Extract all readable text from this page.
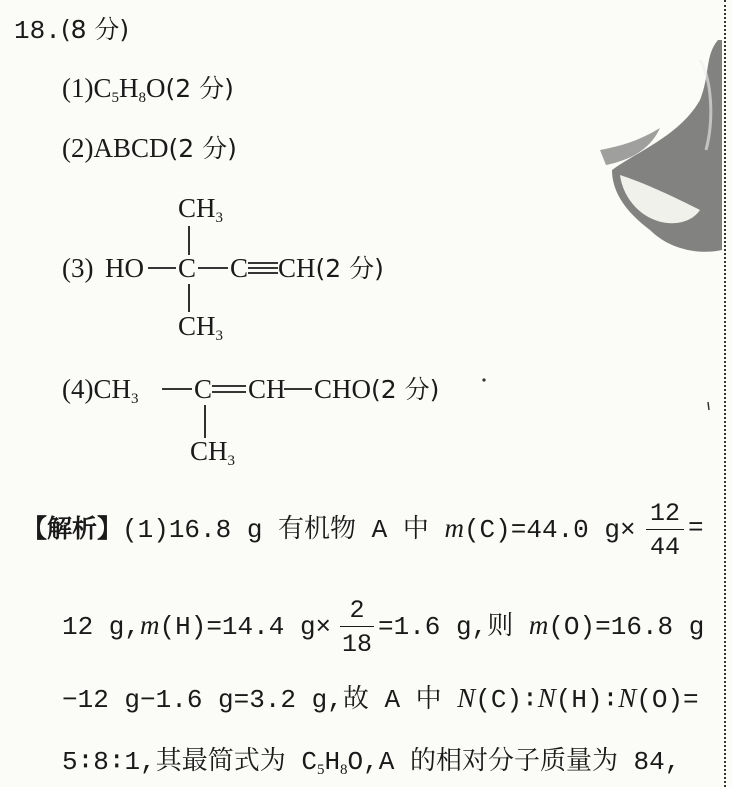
18.(8 分)
$(1)C_5H_8O(2$ 分)
(2)ABCD(2 分)
$CH_3$
(3) HO C C CH(2 分)
$CH_3$
$(4)CH_3$ C CH CHO(2 分)
$CH_3$
【解析】(1)16.8 g 有机物 A 中 m(C)=44.0 g×
12
44
=
12 g,m(H)=14.4 g×
2
18
=1.6 g,则 m(O)=16.8 g
−12 g−1.6 g=3.2 g,故 A 中 N(C)∶N(H)∶N(O)=
5∶8∶1,其最简式为 $C_5H_8O,A$ 的相对分子质量为 84,
